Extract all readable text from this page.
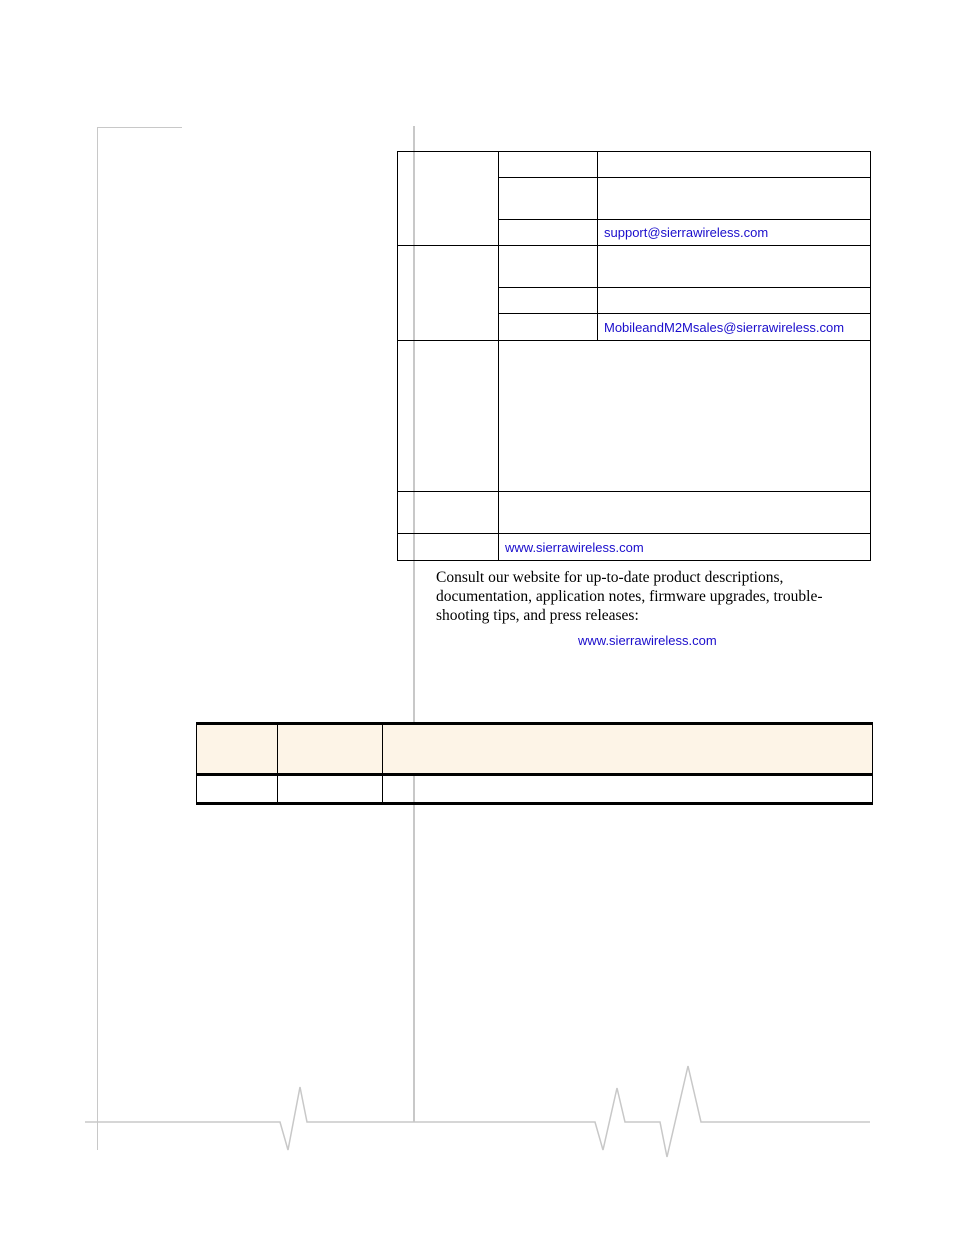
		support@sierrawireless.com

		MobileandM2Msales@sierrawireless.com

	www.sierrawireless.com	

Consult our website for up-to-date product descriptions, documentation, application notes, firmware upgrades, trouble-shooting tips, and press releases:

www.sierrawireless.com
